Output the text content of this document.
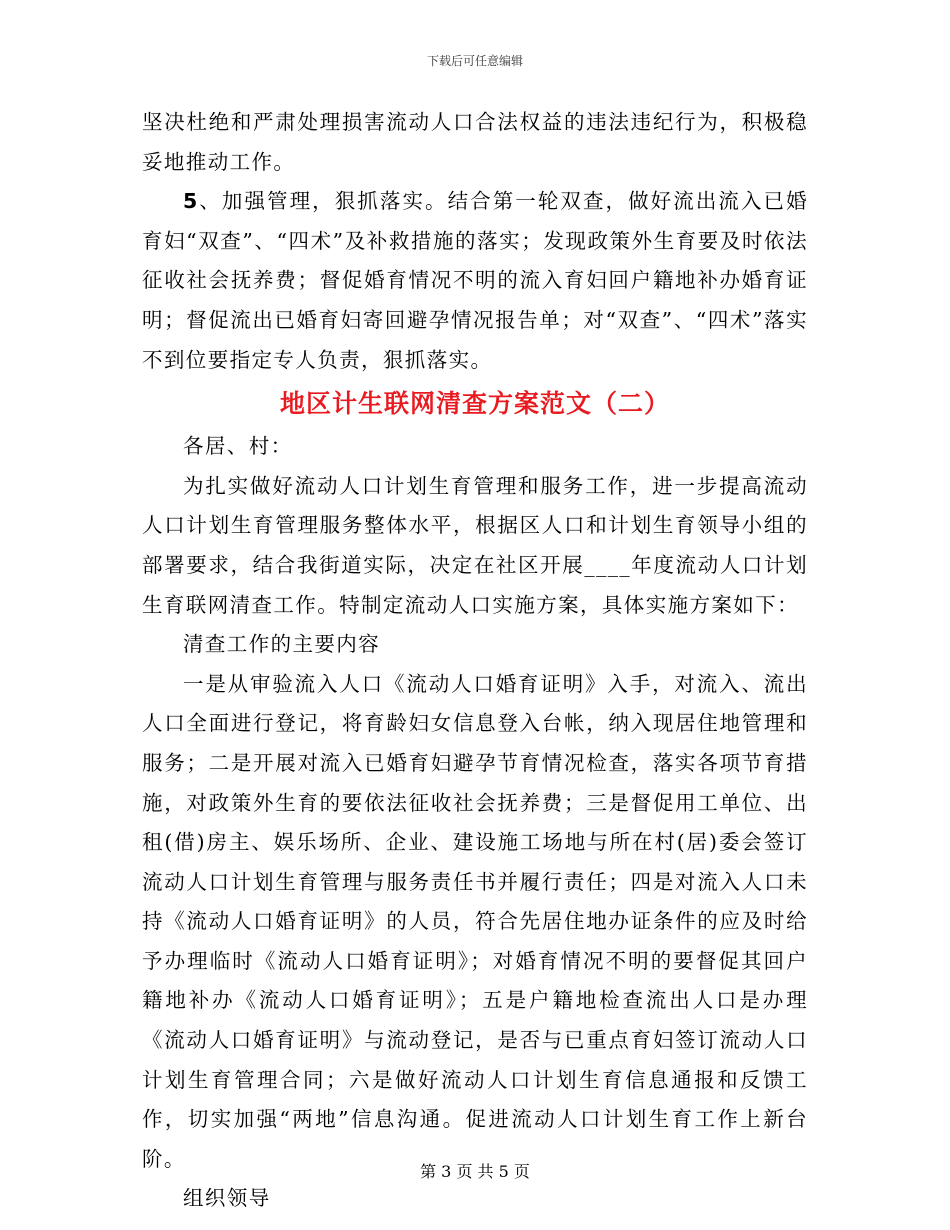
下载后可任意编辑

坚决杜绝和严肃处理损害流动人口合法权益的违法违纪行为，积极稳妥地推动工作。

5、加强管理，狠抓落实。结合第一轮双查，做好流出流入已婚育妇“双查”、“四术”及补救措施的落实；发现政策外生育要及时依法征收社会抚养费；督促婚育情况不明的流入育妇回户籍地补办婚育证明；督促流出已婚育妇寄回避孕情况报告单；对“双查”、“四术”落实不到位要指定专人负责，狠抓落实。

地区计生联网清查方案范文（二）

各居、村：

为扎实做好流动人口计划生育管理和服务工作，进一步提高流动人口计划生育管理服务整体水平，根据区人口和计划生育领导小组的部署要求，结合我街道实际，决定在社区开展____年度流动人口计划生育联网清查工作。特制定流动人口实施方案，具体实施方案如下：

清查工作的主要内容

一是从审验流入人口《流动人口婚育证明》入手，对流入、流出人口全面进行登记，将育龄妇女信息登入台帐，纳入现居住地管理和服务；二是开展对流入已婚育妇避孕节育情况检查，落实各项节育措施，对政策外生育的要依法征收社会抚养费；三是督促用工单位、出租(借)房主、娱乐场所、企业、建设施工场地与所在村(居)委会签订流动人口计划生育管理与服务责任书并履行责任；四是对流入人口未持《流动人口婚育证明》的人员，符合先居住地办证条件的应及时给予办理临时《流动人口婚育证明》；对婚育情况不明的要督促其回户籍地补办《流动人口婚育证明》；五是户籍地检查流出人口是办理《流动人口婚育证明》与流动登记，是否与已重点育妇签订流动人口计划生育管理合同；六是做好流动人口计划生育信息通报和反馈工作，切实加强“两地”信息沟通。促进流动人口计划生育工作上新台阶。

组织领导

第 3 页 共 5 页
